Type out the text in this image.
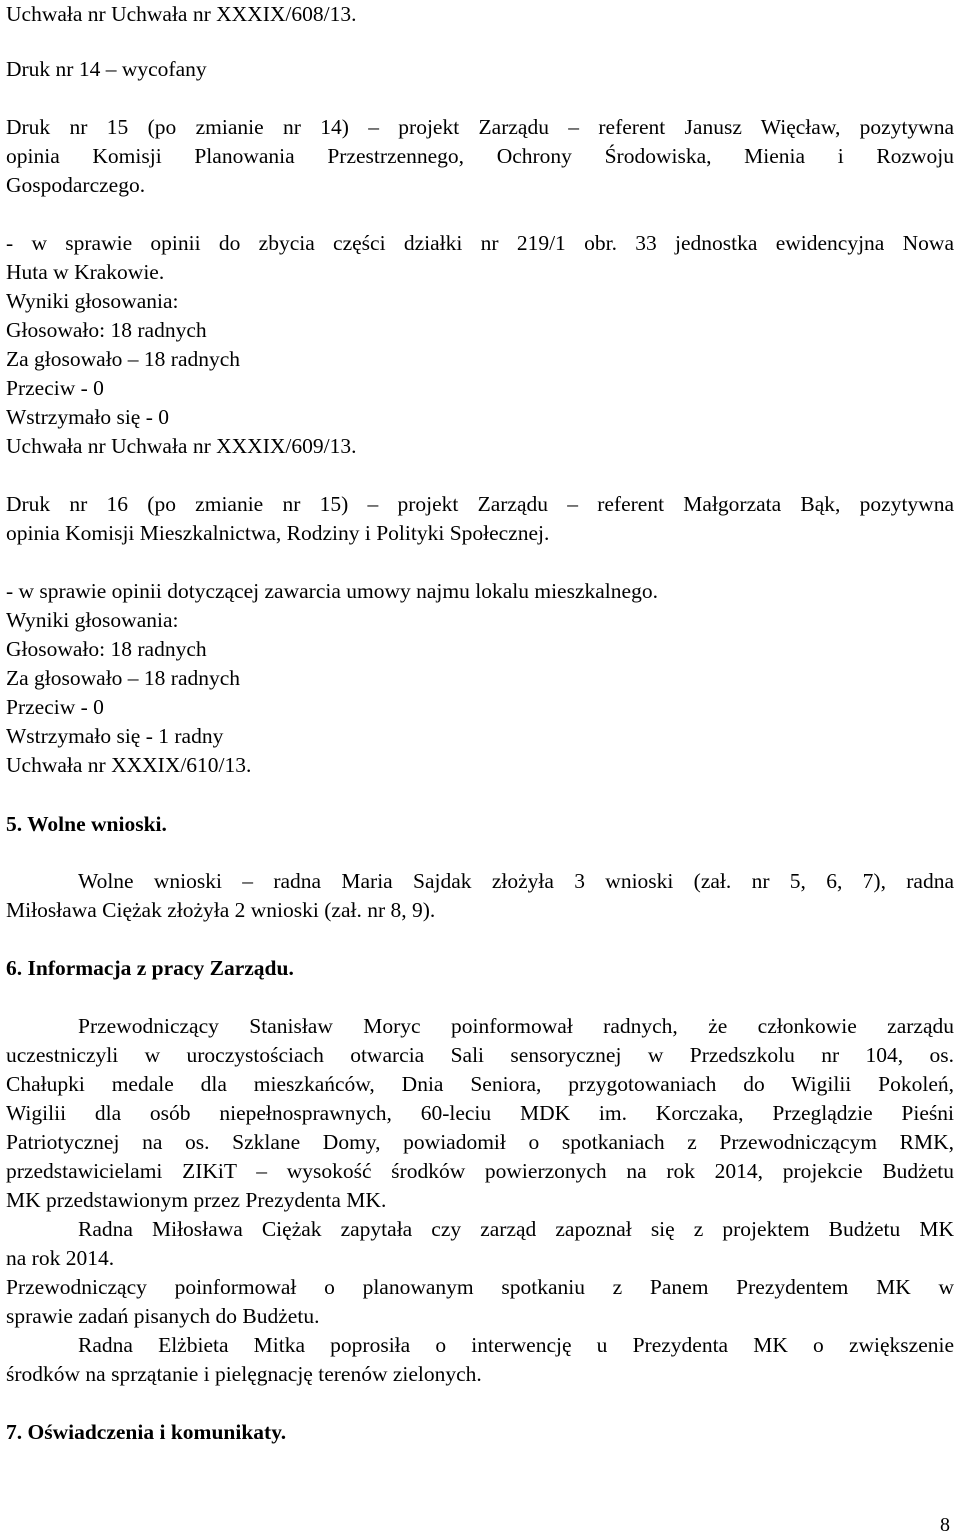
Uchwała nr Uchwała nr XXXIX/608/13.
Druk nr 14 – wycofany
Druk nr 15 (po zmianie nr 14) – projekt Zarządu – referent Janusz Więcław, pozytywna
opinia Komisji Planowania Przestrzennego, Ochrony Środowiska, Mienia i Rozwoju
Gospodarczego.
- w sprawie opinii do zbycia części działki nr 219/1 obr. 33 jednostka ewidencyjna Nowa
Huta w Krakowie.
Wyniki głosowania:
Głosowało: 18 radnych
Za głosowało – 18 radnych
Przeciw - 0
Wstrzymało się - 0
Uchwała nr Uchwała nr XXXIX/609/13.
Druk nr 16 (po zmianie nr 15) – projekt Zarządu – referent Małgorzata Bąk, pozytywna
opinia Komisji Mieszkalnictwa, Rodziny i Polityki Społecznej.
- w sprawie opinii dotyczącej zawarcia umowy najmu lokalu mieszkalnego.
Wyniki głosowania:
Głosowało: 18 radnych
Za głosowało – 18 radnych
Przeciw - 0
Wstrzymało się - 1 radny
Uchwała nr XXXIX/610/13.
5. Wolne wnioski.
Wolne wnioski – radna Maria Sajdak złożyła 3 wnioski (zał. nr 5, 6, 7), radna
Miłosława Ciężak złożyła 2 wnioski (zał. nr 8, 9).
6. Informacja z pracy Zarządu.
Przewodniczący Stanisław Moryc poinformował radnych, że członkowie zarządu
uczestniczyli w uroczystościach otwarcia Sali sensorycznej w Przedszkolu nr 104, os.
Chałupki medale dla mieszkańców, Dnia Seniora, przygotowaniach do Wigilii Pokoleń,
Wigilii dla osób niepełnosprawnych, 60-leciu MDK im. Korczaka, Przeglądzie Pieśni
Patriotycznej na os. Szklane Domy, powiadomił o spotkaniach z Przewodniczącym RMK,
przedstawicielami ZIKiT – wysokość środków powierzonych na rok 2014, projekcie Budżetu
MK przedstawionym przez Prezydenta MK.
Radna Miłosława Ciężak zapytała czy zarząd zapoznał się z projektem Budżetu MK
na rok 2014.
Przewodniczący poinformował o planowanym spotkaniu z Panem Prezydentem MK w
sprawie zadań pisanych do Budżetu.
Radna Elżbieta Mitka poprosiła o interwencję u Prezydenta MK o zwiększenie
środków na sprzątanie i pielęgnację terenów zielonych.
7. Oświadczenia i komunikaty.
8
